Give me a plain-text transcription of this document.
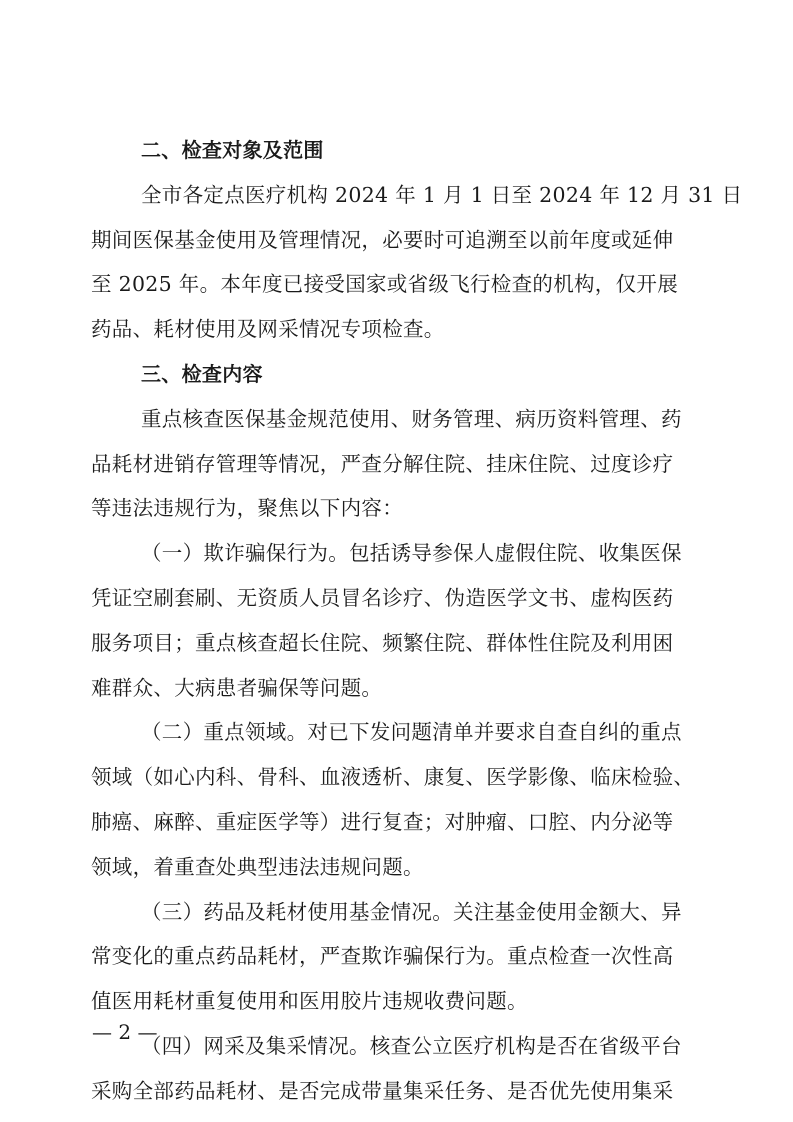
二、检查对象及范围
全市各定点医疗机构 2024 年 1 月 1 日至 2024 年 12 月 31 日
期间医保基金使用及管理情况，必要时可追溯至以前年度或延伸
至 2025 年。本年度已接受国家或省级飞行检查的机构，仅开展
药品、耗材使用及网采情况专项检查。
三、检查内容
重点核查医保基金规范使用、财务管理、病历资料管理、药
品耗材进销存管理等情况，严查分解住院、挂床住院、过度诊疗
等违法违规行为，聚焦以下内容：
（一）欺诈骗保行为。包括诱导参保人虚假住院、收集医保
凭证空刷套刷、无资质人员冒名诊疗、伪造医学文书、虚构医药
服务项目；重点核查超长住院、频繁住院、群体性住院及利用困
难群众、大病患者骗保等问题。
（二）重点领域。对已下发问题清单并要求自查自纠的重点
领域（如心内科、骨科、血液透析、康复、医学影像、临床检验、
肺癌、麻醉、重症医学等）进行复查；对肿瘤、口腔、内分泌等
领域，着重查处典型违法违规问题。
（三）药品及耗材使用基金情况。关注基金使用金额大、异
常变化的重点药品耗材，严查欺诈骗保行为。重点检查一次性高
值医用耗材重复使用和医用胶片违规收费问题。
（四）网采及集采情况。核查公立医疗机构是否在省级平台
采购全部药品耗材、是否完成带量集采任务、是否优先使用集采
— 2 —
